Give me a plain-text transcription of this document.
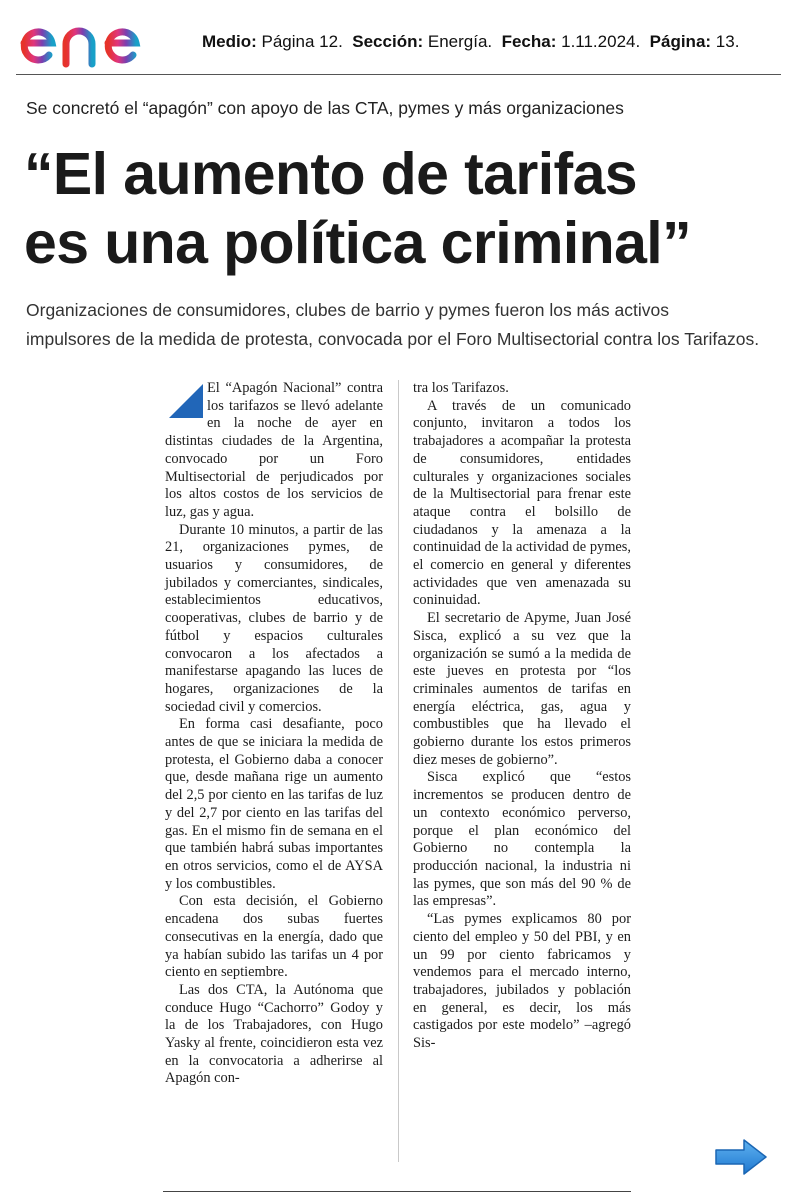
Medio: Página 12. Sección: Energía. Fecha: 1.11.2024. Página: 13.
Se concretó el “apagón” con apoyo de las CTA, pymes y más organizaciones
“El aumento de tarifas
es una política criminal”
Organizaciones de consumidores, clubes de barrio y pymes fueron los más activos
impulsores de la medida de protesta, convocada por el Foro Multisectorial contra los Tarifazos.

El “Apagón Nacional” contra los tarifazos se llevó adelante en la noche de ayer en distintas ciudades de la Argentina, convocado por un Foro Multisectorial de perjudicados por los altos costos de los servicios de luz, gas y agua.

Durante 10 minutos, a partir de las 21, organizaciones pymes, de usuarios y consumidores, de jubilados y comerciantes, sindicales, establecimientos educativos, cooperativas, clubes de barrio y de fútbol y espacios culturales convocaron a los afectados a manifestarse apagando las luces de hogares, organizaciones de la sociedad civil y comercios.

En forma casi desafiante, poco antes de que se iniciara la medida de protesta, el Gobierno daba a conocer que, desde mañana rige un aumento del 2,5 por ciento en las tarifas de luz y del 2,7 por ciento en las tarifas del gas. En el mismo fin de semana en el que también habrá subas importantes en otros servicios, como el de AYSA y los combustibles.

Con esta decisión, el Gobierno encadena dos subas fuertes consecutivas en la energía, dado que ya habían subido las tarifas un 4 por ciento en septiembre.

Las dos CTA, la Autónoma que conduce Hugo “Cachorro” Godoy y la de los Trabajadores, con Hugo Yasky al frente, coincidieron esta vez en la convocatoria a adherirse al Apagón con-

tra los Tarifazos.

A través de un comunicado conjunto, invitaron a todos los trabajadores a acompañar la protesta de consumidores, entidades culturales y organizaciones sociales de la Multisectorial para frenar este ataque contra el bolsillo de ciudadanos y la amenaza a la continuidad de la actividad de pymes, el comercio en general y diferentes actividades que ven amenazada su coninuidad.

El secretario de Apyme, Juan José Sisca, explicó a su vez que la organización se sumó a la medida de este jueves en protesta por “los criminales aumentos de tarifas en energía eléctrica, gas, agua y combustibles que ha llevado el gobierno durante los estos primeros diez meses de gobierno”.

Sisca explicó que “estos incrementos se producen dentro de un contexto económico perverso, porque el plan económico del Gobierno no contempla la producción nacional, la industria ni las pymes, que son más del 90 % de las empresas”.

“Las pymes explicamos 80 por ciento del empleo y 50 del PBI, y en un 99 por ciento fabricamos y vendemos para el mercado interno, trabajadores, jubilados y población en general, es decir, los más castigados por este modelo” –agregó Sis-
